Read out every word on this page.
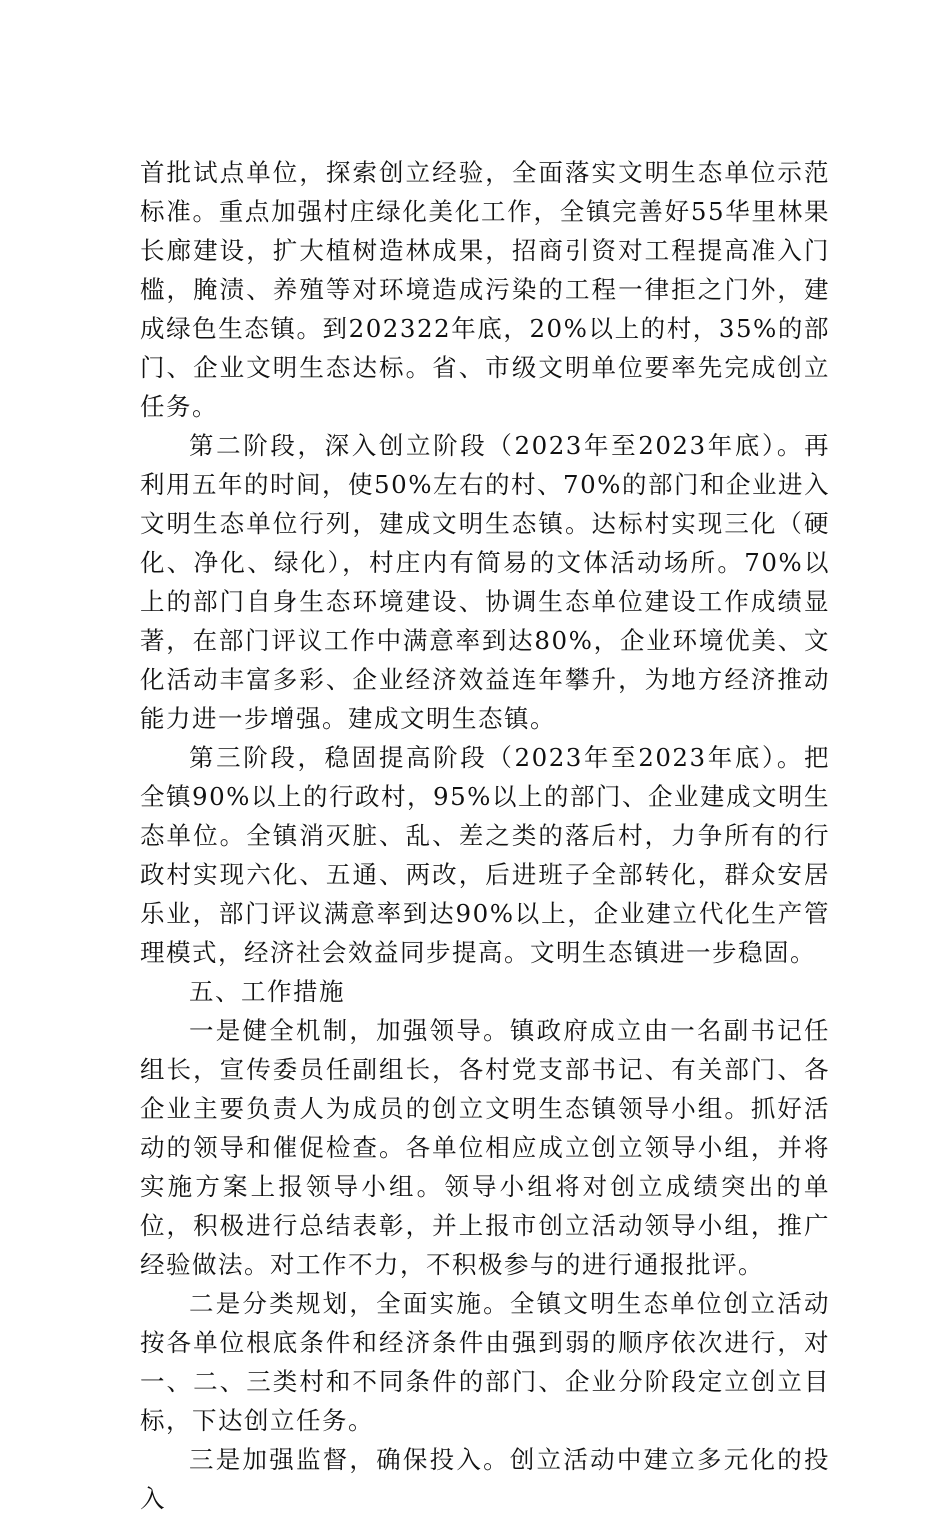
首批试点单位，探索创立经验，全面落实文明生态单位示范标准。重点加强村庄绿化美化工作，全镇完善好55华里林果长廊建设，扩大植树造林成果，招商引资对工程提高准入门槛，腌渍、养殖等对环境造成污染的工程一律拒之门外，建成绿色生态镇。到202322年底，20%以上的村，35%的部门、企业文明生态达标。省、市级文明单位要率先完成创立任务。

第二阶段，深入创立阶段（2023年至2023年底）。再利用五年的时间，使50%左右的村、70%的部门和企业进入文明生态单位行列，建成文明生态镇。达标村实现三化（硬化、净化、绿化），村庄内有简易的文体活动场所。70%以上的部门自身生态环境建设、协调生态单位建设工作成绩显著，在部门评议工作中满意率到达80%，企业环境优美、文化活动丰富多彩、企业经济效益连年攀升，为地方经济推动能力进一步增强。建成文明生态镇。

第三阶段，稳固提高阶段（2023年至2023年底）。把全镇90%以上的行政村，95%以上的部门、企业建成文明生态单位。全镇消灭脏、乱、差之类的落后村，力争所有的行政村实现六化、五通、两改，后进班子全部转化，群众安居乐业，部门评议满意率到达90%以上，企业建立代化生产管理模式，经济社会效益同步提高。文明生态镇进一步稳固。

五、工作措施

一是健全机制，加强领导。镇政府成立由一名副书记任组长，宣传委员任副组长，各村党支部书记、有关部门、各企业主要负责人为成员的创立文明生态镇领导小组。抓好活动的领导和催促检查。各单位相应成立创立领导小组，并将实施方案上报领导小组。领导小组将对创立成绩突出的单位，积极进行总结表彰，并上报市创立活动领导小组，推广经验做法。对工作不力，不积极参与的进行通报批评。

二是分类规划，全面实施。全镇文明生态单位创立活动按各单位根底条件和经济条件由强到弱的顺序依次进行，对一、二、三类村和不同条件的部门、企业分阶段定立创立目标，下达创立任务。

三是加强监督，确保投入。创立活动中建立多元化的投入
